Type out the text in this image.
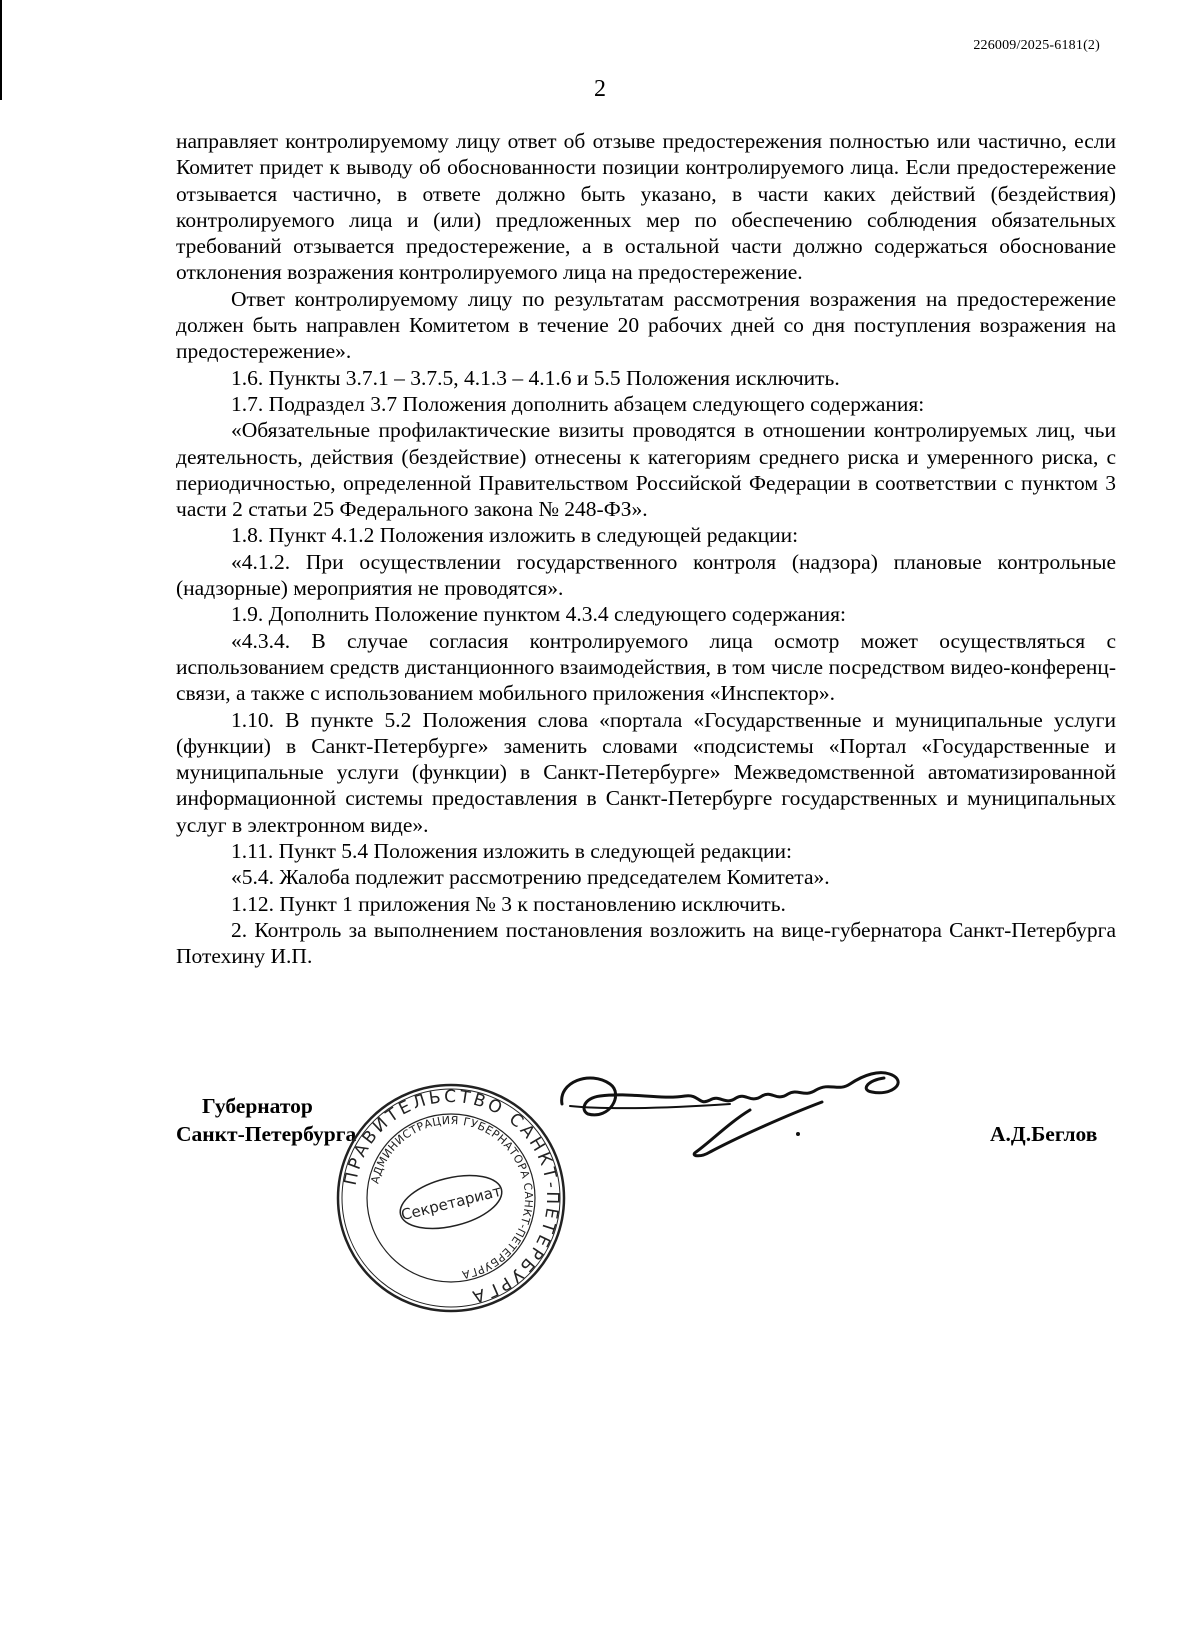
226009/2025-6181(2)
2

направляет контролируемому лицу ответ об отзыве предостережения полностью или частично, если Комитет придет к выводу об обоснованности позиции контролируемого лица. Если предостережение отзывается частично, в ответе должно быть указано, в части каких действий (бездействия) контролируемого лица и (или) предложенных мер по обеспечению соблюдения обязательных требований отзывается предостережение, а в остальной части должно содержаться обоснование отклонения возражения контролируемого лица на предостережение.

Ответ контролируемому лицу по результатам рассмотрения возражения на предостережение должен быть направлен Комитетом в течение 20 рабочих дней со дня поступления возражения на предостережение».

1.6. Пункты 3.7.1 – 3.7.5, 4.1.3 – 4.1.6 и 5.5 Положения исключить.

1.7. Подраздел 3.7 Положения дополнить абзацем следующего содержания:

«Обязательные профилактические визиты проводятся в отношении контролируемых лиц, чьи деятельность, действия (бездействие) отнесены к категориям среднего риска и умеренного риска, с периодичностью, определенной Правительством Российской Федерации в соответствии с пунктом 3 части 2 статьи 25 Федерального закона № 248-ФЗ».

1.8. Пункт 4.1.2 Положения изложить в следующей редакции:

«4.1.2. При осуществлении государственного контроля (надзора) плановые контрольные (надзорные) мероприятия не проводятся».

1.9. Дополнить Положение пунктом 4.3.4 следующего содержания:

«4.3.4. В случае согласия контролируемого лица осмотр может осуществляться с использованием средств дистанционного взаимодействия, в том числе посредством видео-конференц-связи, а также с использованием мобильного приложения «Инспектор».

1.10. В пункте 5.2 Положения слова «портала «Государственные и муниципальные услуги (функции) в Санкт-Петербурге» заменить словами «подсистемы «Портал «Государственные и муниципальные услуги (функции) в Санкт-Петербурге» Межведомственной автоматизированной информационной системы предоставления в Санкт-Петербурге государственных и муниципальных услуг в электронном виде».

1.11. Пункт 5.4 Положения изложить в следующей редакции:

«5.4. Жалоба подлежит рассмотрению председателем Комитета».

1.12. Пункт 1 приложения № 3 к постановлению исключить.

2. Контроль за выполнением постановления возложить на вице-губернатора Санкт-Петербурга Потехину И.П.

Губернатор
Санкт-Петербурга
ПРАВИТЕЛЬСТВО САНКТ-ПЕТЕРБУРГА
АДМИНИСТРАЦИЯ ГУБЕРНАТОРА САНКТ-ПЕТЕРБУРГА
Секретариат
А.Д.Беглов
